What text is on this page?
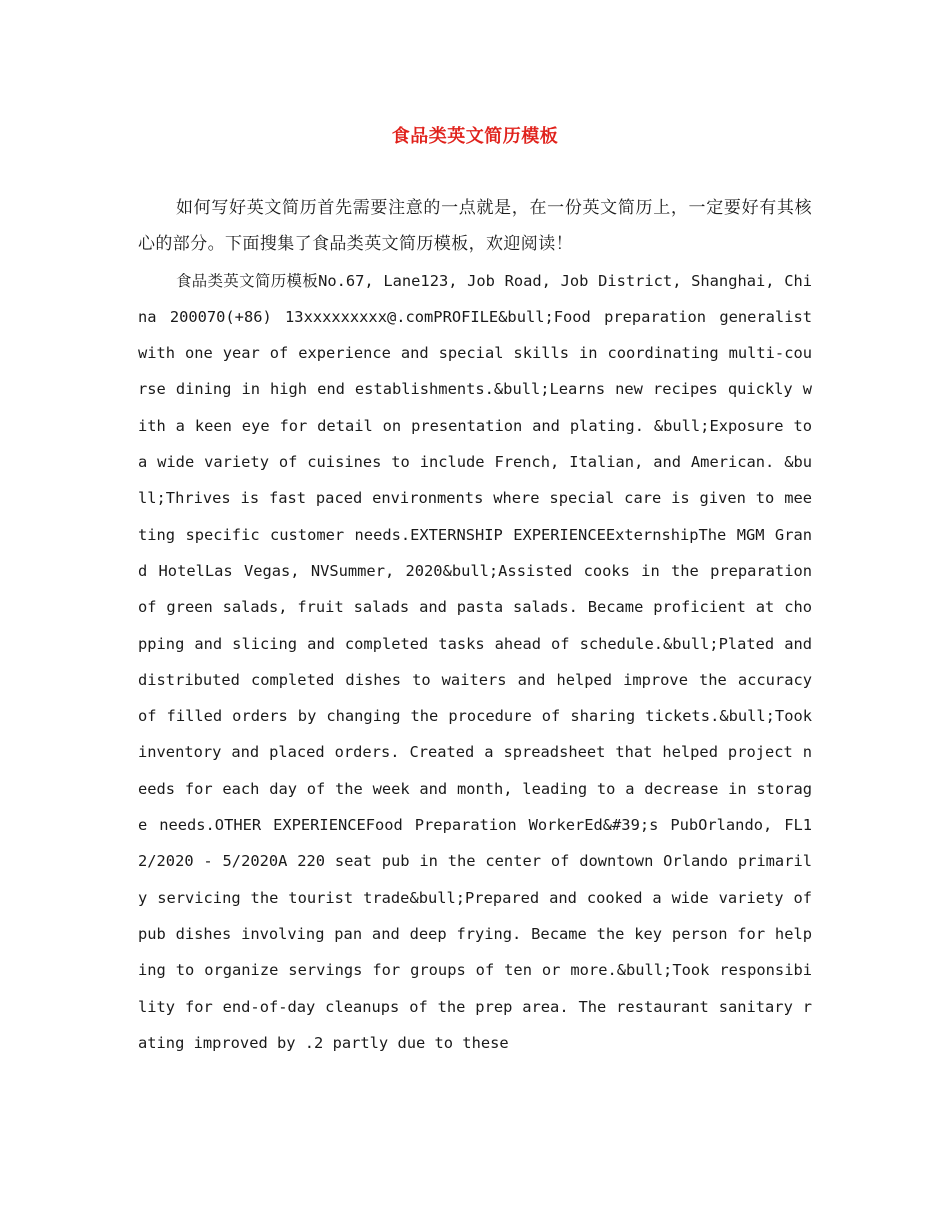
食品类英文简历模板

如何写好英文简历首先需要注意的一点就是，在一份英文简历上，一定要好有其核心的部分。下面搜集了食品类英文简历模板，欢迎阅读！

食品类英文简历模板No.67, Lane123, Job Road, Job District, Shanghai, China 200070(+86) 13xxxxxxxxx@.comPROFILE&bull;Food preparation generalist with one year of experience and special skills in coordinating multi-course dining in high end establishments.&bull;Learns new recipes quickly with a keen eye for detail on presentation and plating. &bull;Exposure to a wide variety of cuisines to include French, Italian, and American. &bull;Thrives is fast paced environments where special care is given to meeting specific customer needs.EXTERNSHIP EXPERIENCEExternshipThe MGM Grand HotelLas Vegas, NVSummer, 2020&bull;Assisted cooks in the preparation of green salads, fruit salads and pasta salads. Became proficient at chopping and slicing and completed tasks ahead of schedule.&bull;Plated and distributed completed dishes to waiters and helped improve the accuracy of filled orders by changing the procedure of sharing tickets.&bull;Took inventory and placed orders. Created a spreadsheet that helped project needs for each day of the week and month, leading to a decrease in storage needs.OTHER EXPERIENCEFood Preparation WorkerEd&#39;s PubOrlando, FL12/2020 - 5/2020A 220 seat pub in the center of downtown Orlando primarily servicing the tourist trade&bull;Prepared and cooked a wide variety of pub dishes involving pan and deep frying. Became the key person for helping to organize servings for groups of ten or more.&bull;Took responsibility for end-of-day cleanups of the prep area. The restaurant sanitary rating improved by .2 partly due to these
